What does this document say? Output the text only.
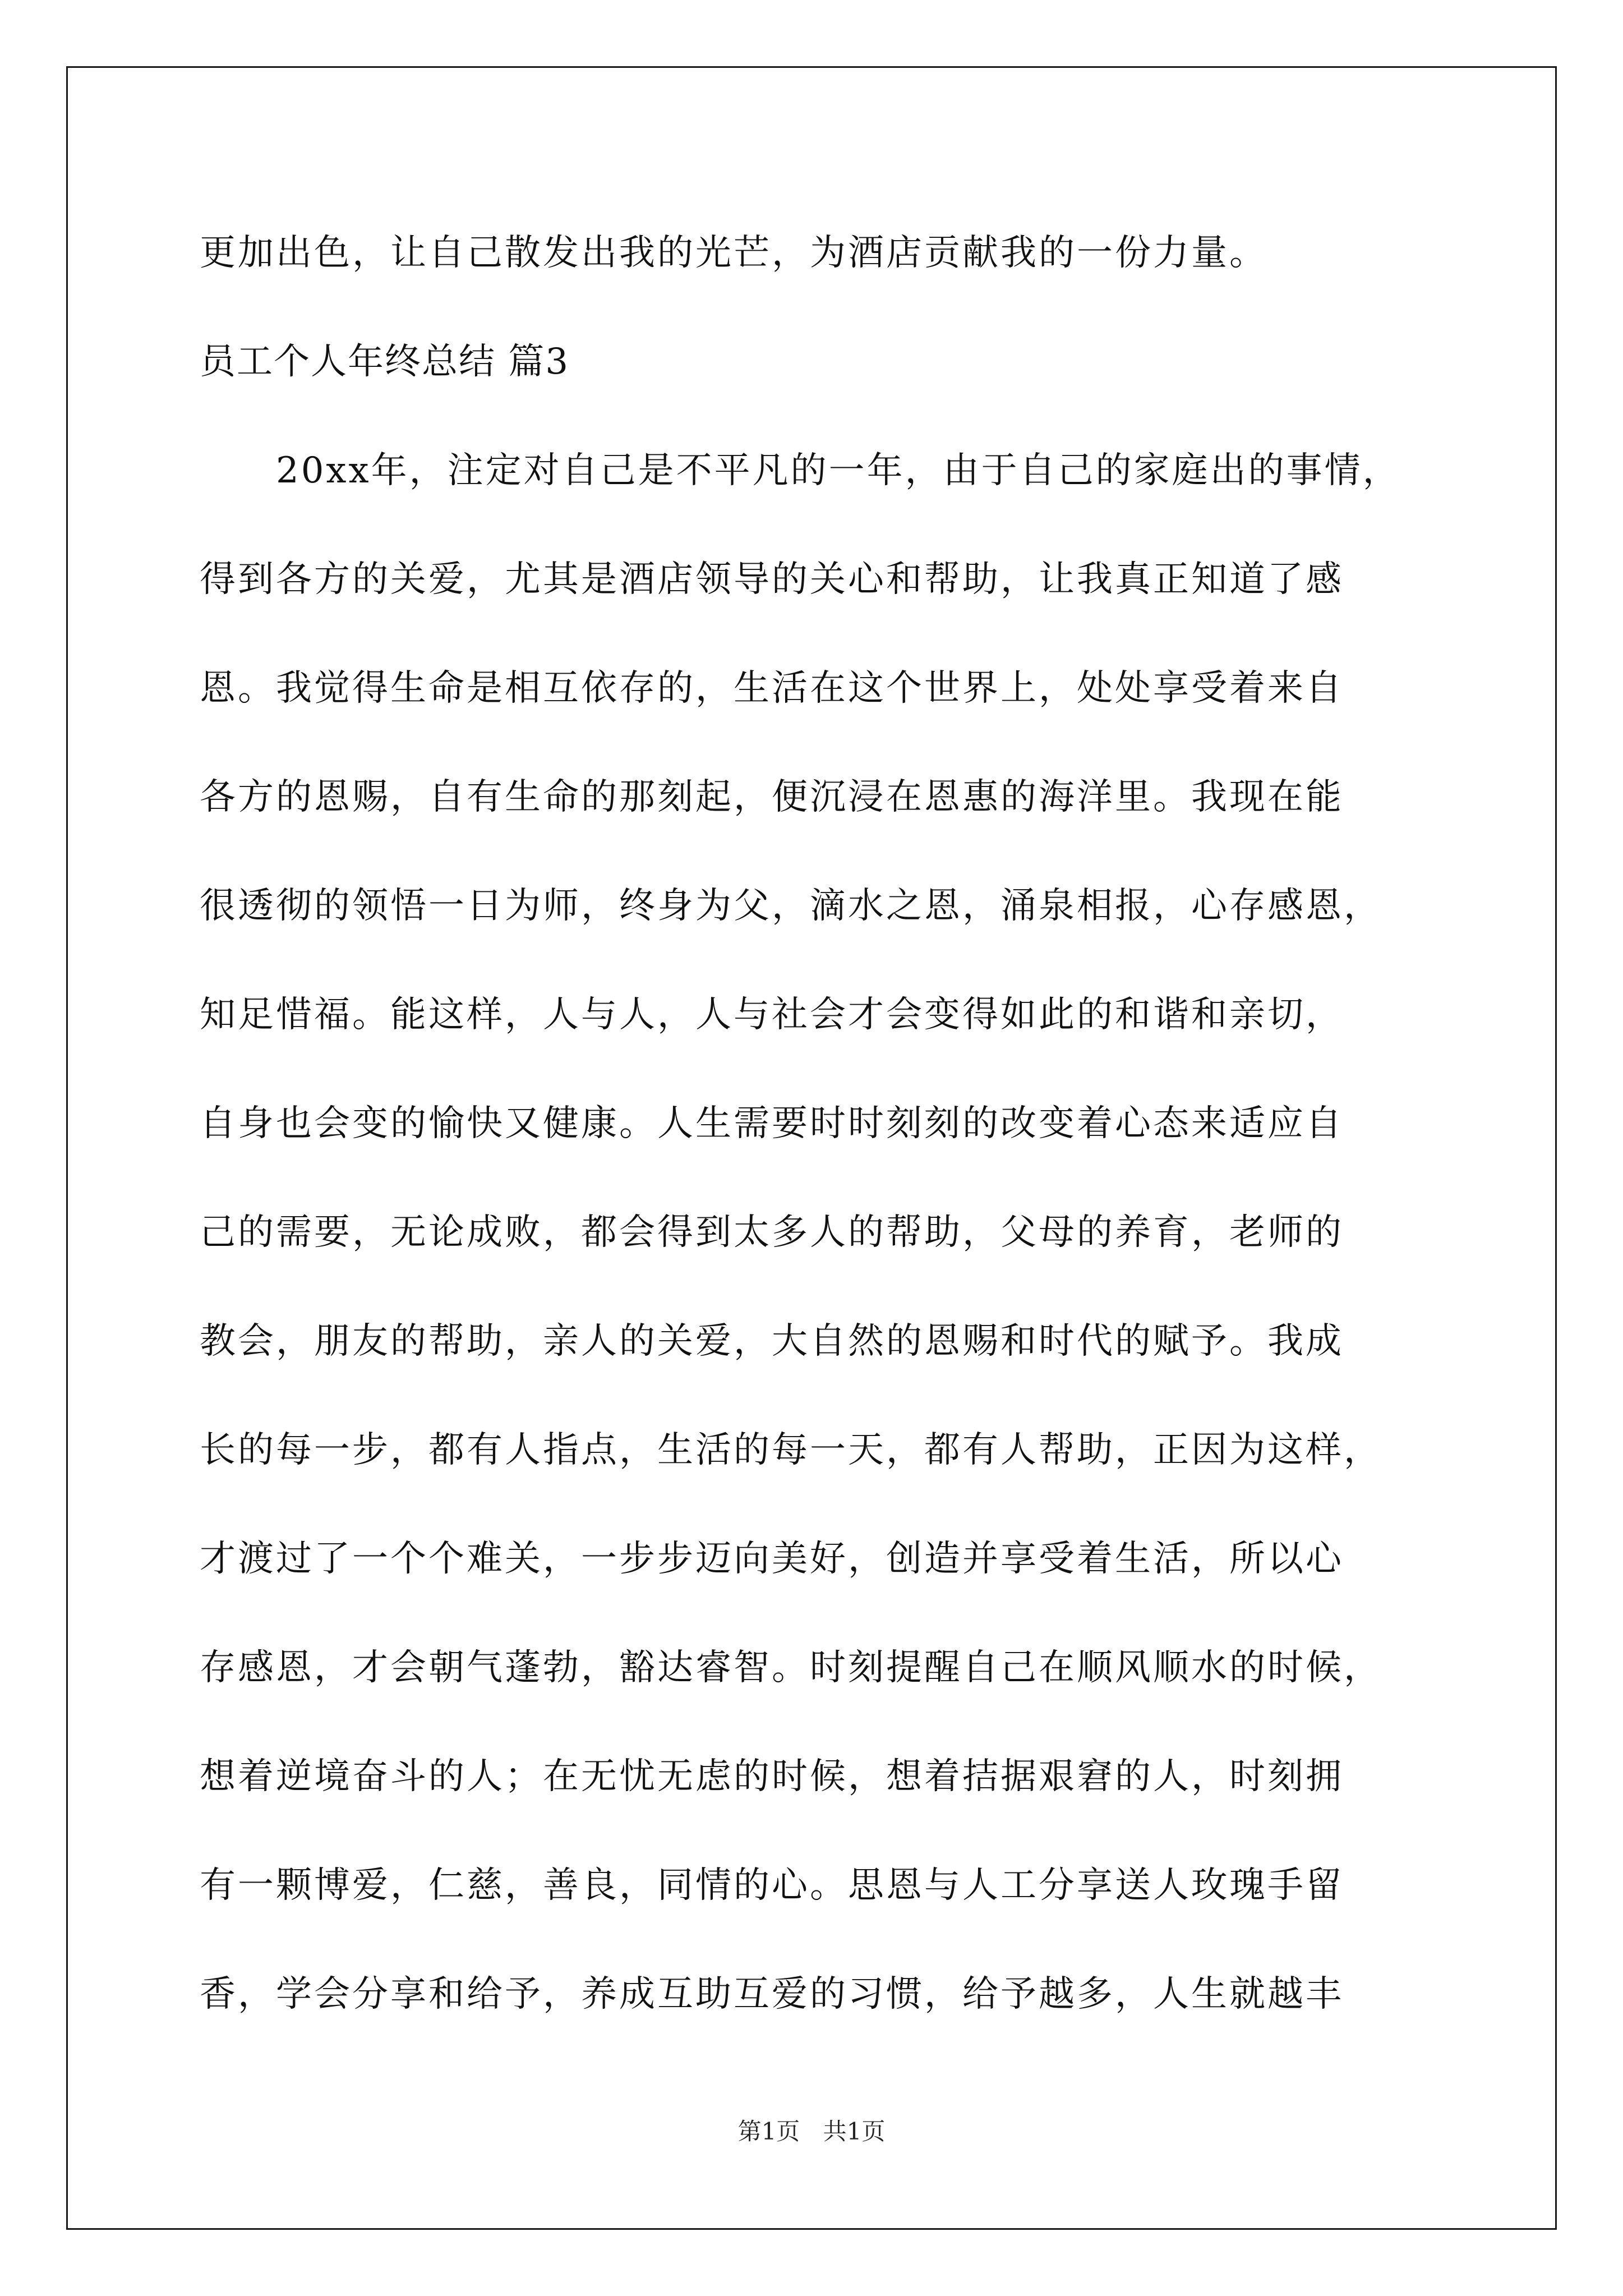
更加出色，让自己散发出我的光芒，为酒店贡献我的一份力量。
员工个人年终总结 篇3
　　20xx年，注定对自己是不平凡的一年，由于自己的家庭出的事情，
得到各方的关爱，尤其是酒店领导的关心和帮助，让我真正知道了感
恩。我觉得生命是相互依存的，生活在这个世界上，处处享受着来自
各方的恩赐，自有生命的那刻起，便沉浸在恩惠的海洋里。我现在能
很透彻的领悟一日为师，终身为父，滴水之恩，涌泉相报，心存感恩，
知足惜福。能这样，人与人，人与社会才会变得如此的和谐和亲切，
自身也会变的愉快又健康。人生需要时时刻刻的改变着心态来适应自
己的需要，无论成败，都会得到太多人的帮助，父母的养育，老师的
教会，朋友的帮助，亲人的关爱，大自然的恩赐和时代的赋予。我成
长的每一步，都有人指点，生活的每一天，都有人帮助，正因为这样，
才渡过了一个个难关，一步步迈向美好，创造并享受着生活，所以心
存感恩，才会朝气蓬勃，豁达睿智。时刻提醒自己在顺风顺水的时候，
想着逆境奋斗的人；在无忧无虑的时候，想着拮据艰窘的人，时刻拥
有一颗博爱，仁慈，善良，同情的心。思恩与人工分享送人玫瑰手留
香，学会分享和给予，养成互助互爱的习惯，给予越多，人生就越丰
第1页 共1页
